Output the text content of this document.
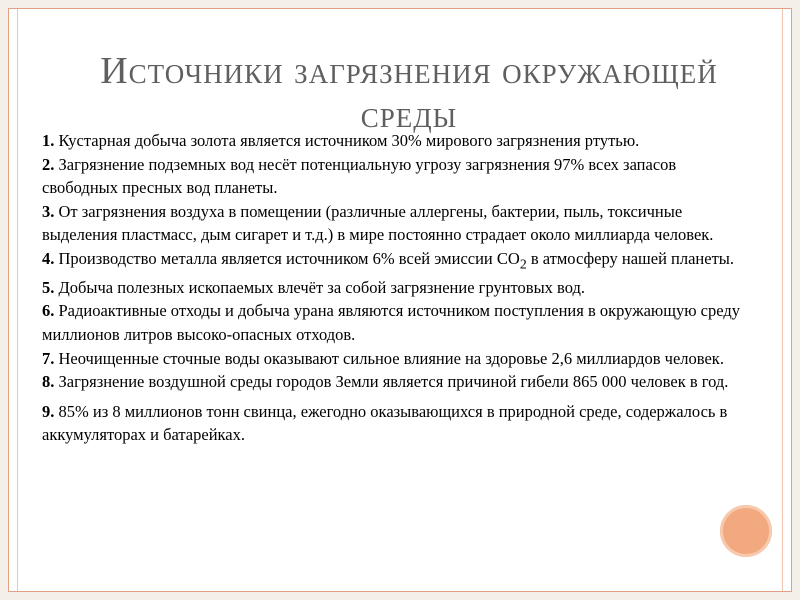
Источники загрязнения окружающей
среды

1. Кустарная добыча золота является источником 30% мирового загрязнения ртутью.

2. Загрязнение подземных вод несёт потенциальную угрозу загрязнения 97% всех запасов свободных пресных вод планеты.

3. От загрязнения воздуха в помещении (различные аллергены, бактерии, пыль, токсичные выделения пластмасс, дым сигарет и т.д.) в мире постоянно страдает около миллиарда человек.

4. Производство металла является источником 6% всей эмиссии $CO_2$ в атмосферу нашей планеты.

5. Добыча полезных ископаемых влечёт за собой загрязнение грунтовых вод.

6. Радиоактивные отходы и добыча урана являются источником поступления в окружающую среду миллионов литров высоко-опасных отходов.

7. Неочищенные сточные воды оказывают сильное влияние на здоровье 2,6 миллиардов человек.

8. Загрязнение воздушной среды городов Земли является причиной гибели 865 000 человек в год.

9. 85% из 8 миллионов тонн свинца, ежегодно оказывающихся в природной среде, содержалось в аккумуляторах и батарейках.
